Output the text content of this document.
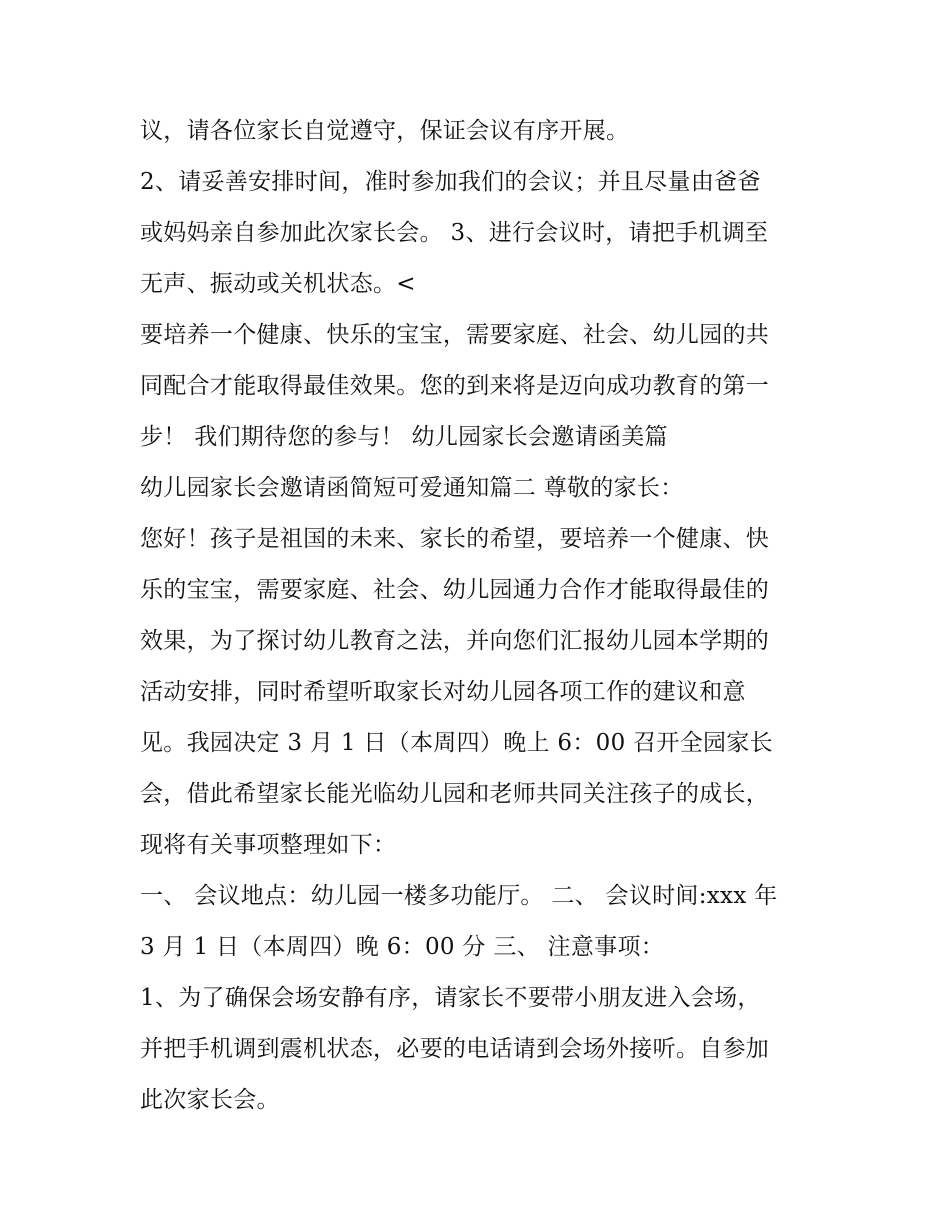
议，请各位家长自觉遵守，保证会议有序开展。
2、请妥善安排时间，准时参加我们的会议；并且尽量由爸爸
或妈妈亲自参加此次家长会。 3、进行会议时，请把手机调至
无声、振动或关机状态。<
要培养一个健康、快乐的宝宝，需要家庭、社会、幼儿园的共
同配合才能取得最佳效果。您的到来将是迈向成功教育的第一
步！ 我们期待您的参与！ 幼儿园家长会邀请函美篇
幼儿园家长会邀请函简短可爱通知篇二 尊敬的家长：
您好！孩子是祖国的未来、家长的希望，要培养一个健康、快
乐的宝宝，需要家庭、社会、幼儿园通力合作才能取得最佳的
效果，为了探讨幼儿教育之法，并向您们汇报幼儿园本学期的
活动安排，同时希望听取家长对幼儿园各项工作的建议和意
见。我园决定 3 月 1 日（本周四）晚上 6：00 召开全园家长
会，借此希望家长能光临幼儿园和老师共同关注孩子的成长，
现将有关事项整理如下：
一、 会议地点：幼儿园一楼多功能厅。 二、 会议时间:xxx 年
3 月 1 日（本周四）晚 6：00 分 三、 注意事项：
1、为了确保会场安静有序，请家长不要带小朋友进入会场，
并把手机调到震机状态，必要的电话请到会场外接听。自参加
此次家长会。
